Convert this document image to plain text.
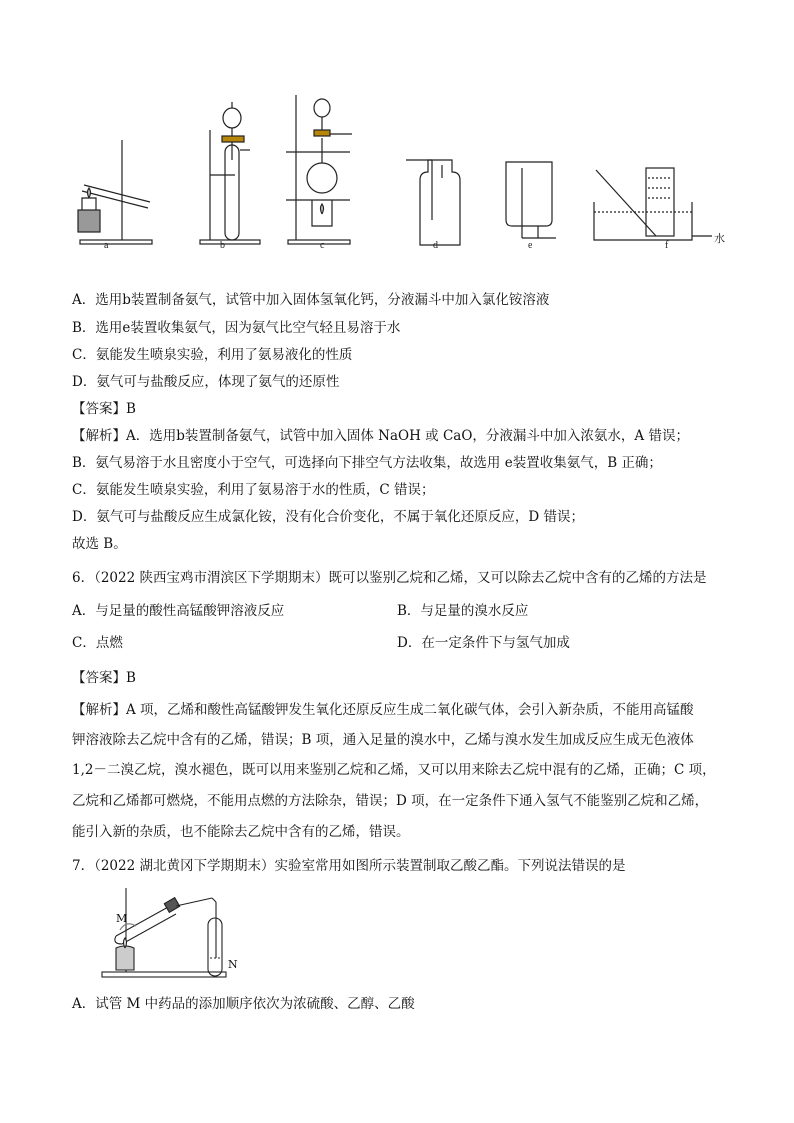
a	b	c	d	e	f
水
A．选用b装置制备氨气，试管中加入固体氢氧化钙，分液漏斗中加入氯化铵溶液
B．选用e装置收集氨气，因为氨气比空气轻且易溶于水
C．氨能发生喷泉实验，利用了氨易液化的性质
D．氨气可与盐酸反应，体现了氨气的还原性
【答案】B
【解析】A．选用b装置制备氨气，试管中加入固体 NaOH 或 CaO，分液漏斗中加入浓氨水，A 错误；
B．氨气易溶于水且密度小于空气，可选择向下排空气方法收集，故选用 e装置收集氨气，B 正确；
C．氨能发生喷泉实验，利用了氨易溶于水的性质，C 错误；
D．氨气可与盐酸反应生成氯化铵，没有化合价变化，不属于氧化还原反应，D 错误；
故选 B。
6．（2022 陕西宝鸡市渭滨区下学期期末）既可以鉴别乙烷和乙烯，又可以除去乙烷中含有的乙烯的方法是
A．与足量的酸性高锰酸钾溶液反应	B．与足量的溴水反应
C．点燃	D．在一定条件下与氢气加成
【答案】B
【解析】A 项，乙烯和酸性高锰酸钾发生氧化还原反应生成二氧化碳气体，会引入新杂质，不能用高锰酸
钾溶液除去乙烷中含有的乙烯，错误；B 项，通入足量的溴水中，乙烯与溴水发生加成反应生成无色液体
1,2－二溴乙烷，溴水褪色，既可以用来鉴别乙烷和乙烯，又可以用来除去乙烷中混有的乙烯，正确；C 项，
乙烷和乙烯都可燃烧，不能用点燃的方法除杂，错误；D 项，在一定条件下通入氢气不能鉴别乙烷和乙烯，
能引入新的杂质，也不能除去乙烷中含有的乙烯，错误。
7．（2022 湖北黄冈下学期期末）实验室常用如图所示装置制取乙酸乙酯。下列说法错误的是
M
N
A．试管 M 中药品的添加顺序依次为浓硫酸、乙醇、乙酸
